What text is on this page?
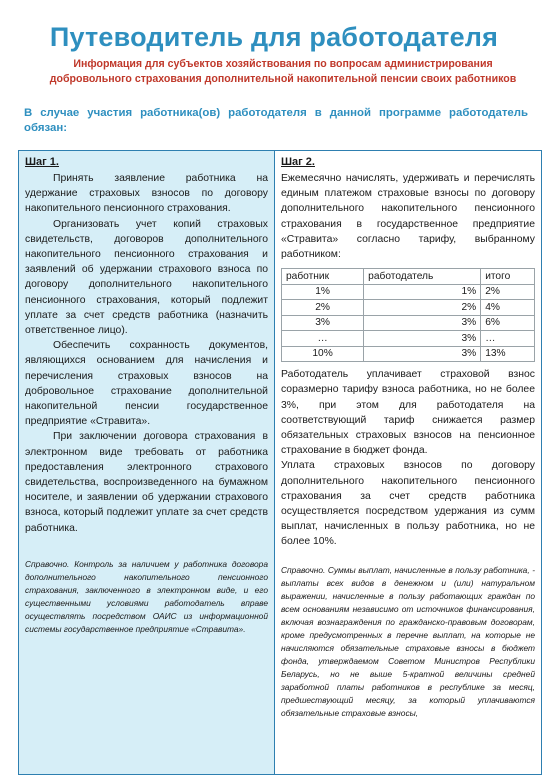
Путеводитель для работодателя
Информация для субъектов хозяйствования по вопросам администрирования
добровольного страхования дополнительной накопительной пенсии своих работников
В случае участия работника(ов) работодателя в данной программе работодатель обязан:
Шаг 1.

Принять заявление работника на удержание страховых взносов по договору накопительного пенсионного страхования.

Организовать учет копий страховых свидетельств, договоров дополнительного накопительного пенсионного страхования и заявлений об удержании страхового взноса по договору дополнительного накопительного пенсионного страхования, который подлежит уплате за счет средств работника (назначить ответственное лицо).

Обеспечить сохранность документов, являющихся основанием для начисления и перечисления страховых взносов на добровольное страхование дополнительной накопительной пенсии государственное предприятие «Стравита».

При заключении договора страхования в электронном виде требовать от работника предоставления электронного страхового свидетельства, воспроизведенного на бумажном носителе, и заявлении об удержании страхового взноса, который подлежит уплате за счет средств работника.

Справочно. Контроль за наличием у работника договора дополнительного накопительного пенсионного страхования, заключенного в электронном виде, и его существенными условиями работодатель вправе осуществлять посредством ОАИС из информационной системы государственное предприятие «Стравита».

Шаг 2.

Ежемесячно начислять, удерживать и перечислять единым платежом страховые взносы по договору дополнительного накопительного пенсионного страхования в государственное предприятие «Стравита» согласно тарифу, выбранному работником:

работник	работодатель	итого
1%	1%	2%
2%	2%	4%
3%	3%	6%
…	3%	…
10%	3%	13%

Работодатель уплачивает страховой взнос соразмерно тарифу взноса работника, но не более 3%, при этом для работодателя на соответствующий тариф снижается размер обязательных страховых взносов на пенсионное страхование в бюджет фонда.

Уплата страховых взносов по договору дополнительного накопительного пенсионного страхования за счет средств работника осуществляется посредством удержания из сумм выплат, начисленных в пользу работника, но не более 10%.

Справочно. Суммы выплат, начисленные в пользу работника, - выплаты всех видов в денежном и (или) натуральном выражении, начисленные в пользу работающих граждан по всем основаниям независимо от источников финансирования, включая вознаграждения по гражданско-правовым договорам, кроме предусмотренных в перечне выплат, на которые не начисляются обязательные страховые взносы в бюджет фонда, утверждаемом Советом Министров Республики Беларусь, но не выше 5-кратной величины средней заработной платы работников в республике за месяц, предшествующий месяцу, за который уплачиваются обязательные страховые взносы,
